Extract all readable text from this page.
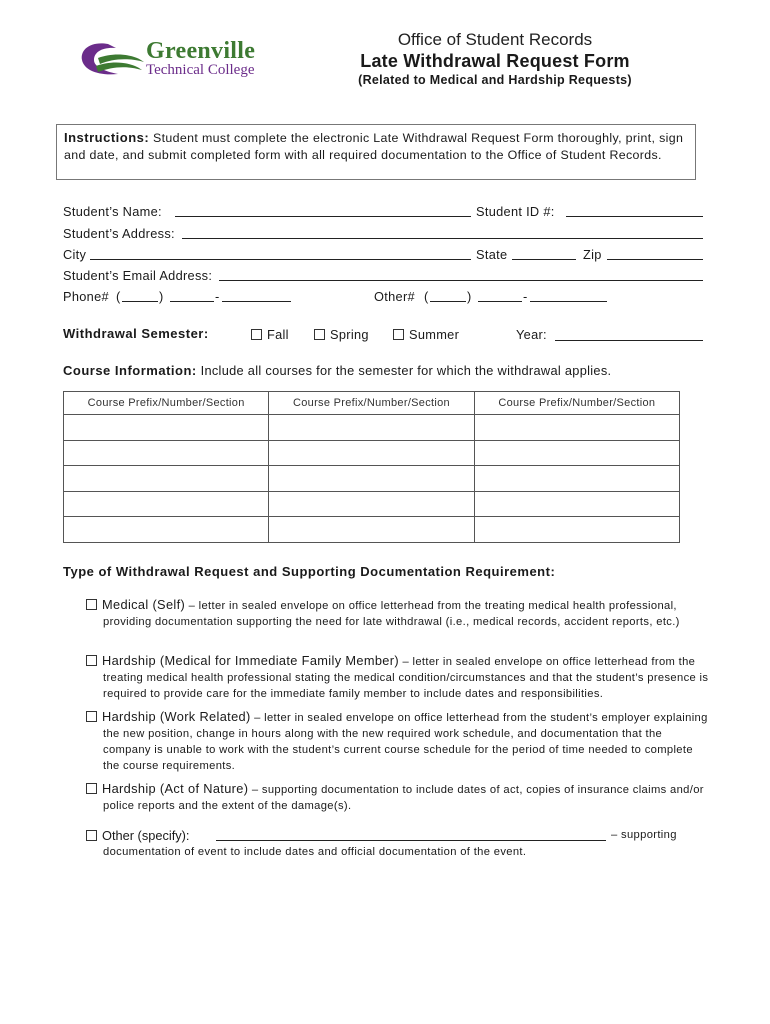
Greenville
Technical College
Office of Student Records
Late Withdrawal Request Form
(Related to Medical and Hardship Requests)
Instructions: Student must complete the electronic Late Withdrawal Request Form thoroughly, print, sign and date, and submit completed form with all required documentation to the Office of Student Records.
Student’s Name:	Student ID #:
Student’s Address:
City	State	Zip
Student’s Email Address:
Phone# (	)	-	Other# (	)	-
Withdrawal Semester:	Fall	Spring	Summer	Year:
Course Information: Include all courses for the semester for which the withdrawal applies.
Course Prefix/Number/Section	Course Prefix/Number/Section	Course Prefix/Number/Section

Type of Withdrawal Request and Supporting Documentation Requirement:
Medical (Self) – letter in sealed envelope on office letterhead from the treating medical health professional, providing documentation supporting the need for late withdrawal (i.e., medical records, accident reports, etc.)
Hardship (Medical for Immediate Family Member) – letter in sealed envelope on office letterhead from the treating medical health professional stating the medical condition/circumstances and that the student’s presence is required to provide care for the immediate family member to include dates and responsibilities.
Hardship (Work Related) – letter in sealed envelope on office letterhead from the student’s employer explaining the new position, change in hours along with the new required work schedule, and documentation that the company is unable to work with the student’s current course schedule for the period of time needed to complete the course requirements.
Hardship (Act of Nature) – supporting documentation to include dates of act, copies of insurance claims and/or police reports and the extent of the damage(s).
Other (specify):	– supporting
documentation of event to include dates and official documentation of the event.
